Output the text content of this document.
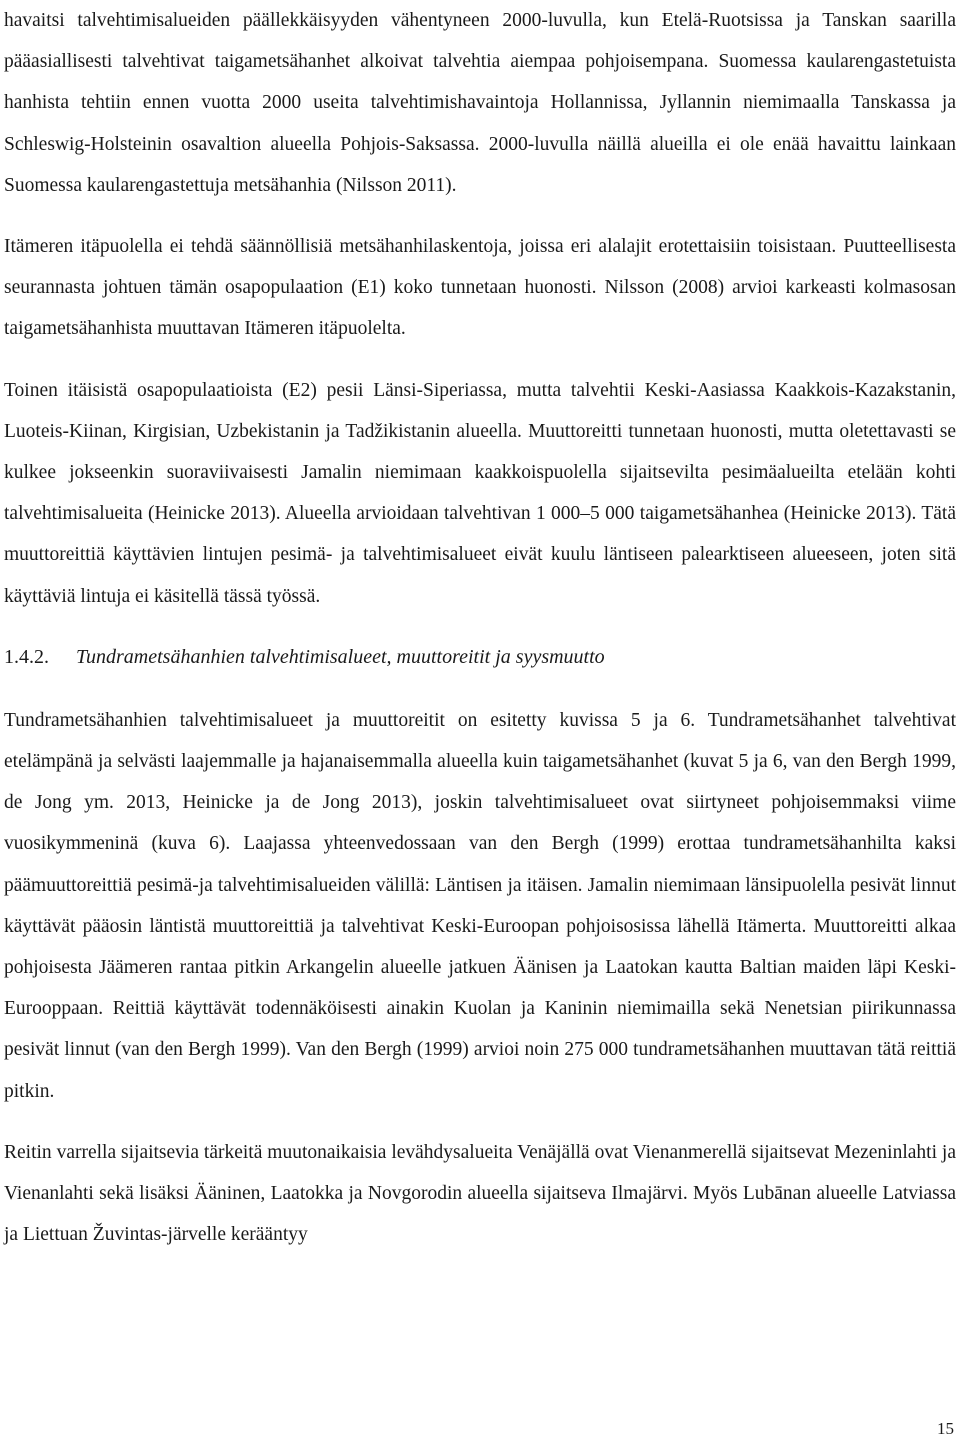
havaitsi talvehtimisalueiden päällekkäisyyden vähentyneen 2000-luvulla, kun Etelä-Ruotsissa ja Tanskan saarilla pääasiallisesti talvehtivat taigametsähanhet alkoivat talvehtia aiempaa pohjoisempana. Suomessa kaularengastetuista hanhista tehtiin ennen vuotta 2000 useita talvehtimishavaintoja Hollannissa, Jyllannin niemimaalla Tanskassa ja Schleswig-Holsteinin osavaltion alueella Pohjois-Saksassa. 2000-luvulla näillä alueilla ei ole enää havaittu lainkaan Suomessa kaularengastettuja metsähanhia (Nilsson 2011).

Itämeren itäpuolella ei tehdä säännöllisiä metsähanhilaskentoja, joissa eri alalajit erotettaisiin toisistaan. Puutteellisesta seurannasta johtuen tämän osapopulaation (E1) koko tunnetaan huonosti. Nilsson (2008) arvioi karkeasti kolmasosan taigametsähanhista muuttavan Itämeren itäpuolelta.

Toinen itäisistä osapopulaatioista (E2) pesii Länsi-Siperiassa, mutta talvehtii Keski-Aasiassa Kaakkois-Kazakstanin, Luoteis-Kiinan, Kirgisian, Uzbekistanin ja Tadžikistanin alueella. Muuttoreitti tunnetaan huonosti, mutta oletettavasti se kulkee jokseenkin suoraviivaisesti Jamalin niemimaan kaakkoispuolella sijaitsevilta pesimäalueilta etelään kohti talvehtimisalueita (Heinicke 2013). Alueella arvioidaan talvehtivan 1 000–5 000 taigametsähanhea (Heinicke 2013). Tätä muuttoreittiä käyttävien lintujen pesimä- ja talvehtimisalueet eivät kuulu läntiseen palearktiseen alueeseen, joten sitä käyttäviä lintuja ei käsitellä tässä työssä.

1.4.2.	Tundrametsähanhien talvehtimisalueet, muuttoreitit ja syysmuutto

Tundrametsähanhien talvehtimisalueet ja muuttoreitit on esitetty kuvissa 5 ja 6. Tundrametsähanhet talvehtivat etelämpänä ja selvästi laajemmalle ja hajanaisemmalla alueella kuin taigametsähanhet (kuvat 5 ja 6, van den Bergh 1999, de Jong ym. 2013, Heinicke ja de Jong 2013), joskin talvehtimisalueet ovat siirtyneet pohjoisemmaksi viime vuosikymmeninä (kuva 6). Laajassa yhteenvedossaan van den Bergh (1999) erottaa tundrametsähanhilta kaksi päämuuttoreittiä pesimä-ja talvehtimisalueiden välillä: Läntisen ja itäisen. Jamalin niemimaan länsipuolella pesivät linnut käyttävät pääosin läntistä muuttoreittiä ja talvehtivat Keski-Euroopan pohjoisosissa lähellä Itämerta. Muuttoreitti alkaa pohjoisesta Jäämeren rantaa pitkin Arkangelin alueelle jatkuen Äänisen ja Laatokan kautta Baltian maiden läpi Keski-Eurooppaan. Reittiä käyttävät todennäköisesti ainakin Kuolan ja Kaninin niemimailla sekä Nenetsian piirikunnassa pesivät linnut (van den Bergh 1999). Van den Bergh (1999) arvioi noin 275 000 tundrametsähanhen muuttavan tätä reittiä pitkin.

Reitin varrella sijaitsevia tärkeitä muutonaikaisia levähdysalueita Venäjällä ovat Vienanmerellä sijaitsevat Mezeninlahti ja Vienanlahti sekä lisäksi Ääninen, Laatokka ja Novgorodin alueella sijaitseva Ilmajärvi. Myös Lubānan alueelle Latviassa ja Liettuan Žuvintas-järvelle kerääntyy

15
